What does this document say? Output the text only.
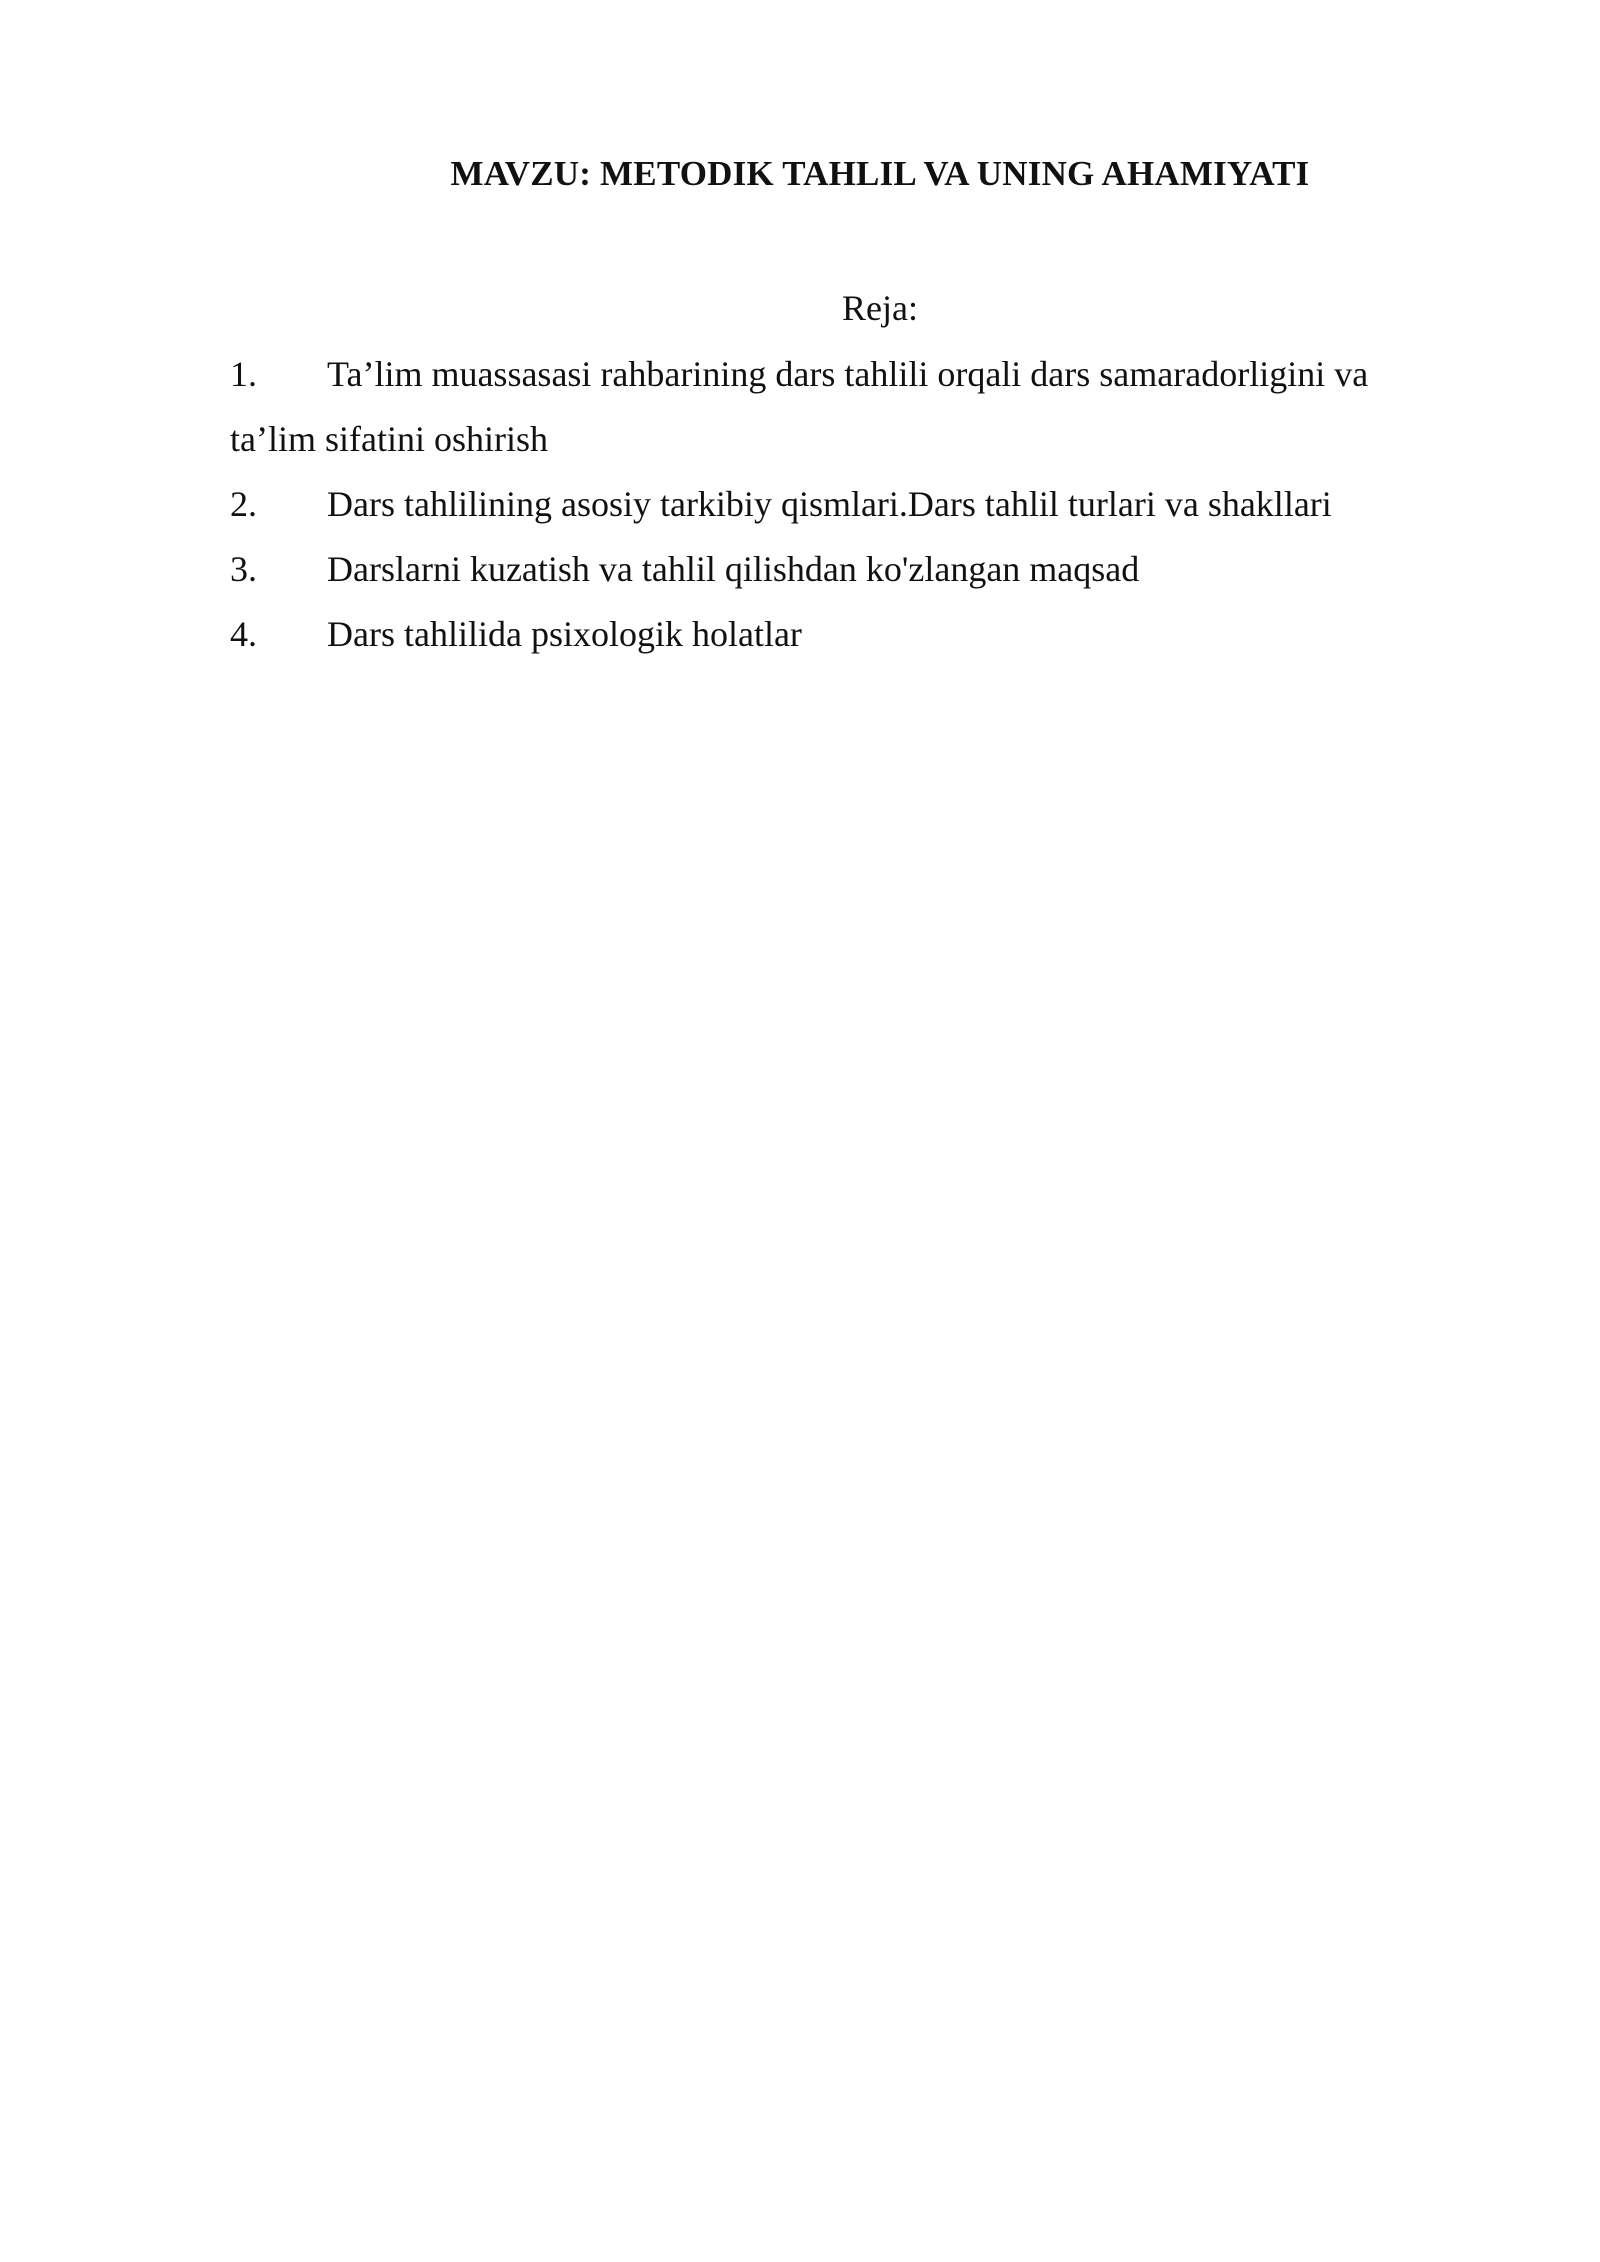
MAVZU: METODIK TAHLIL VA UNING AHAMIYATI
Reja:
1. Ta’lim muassasasi rahbarining dars tahlili orqali dars samaradorligini va ta’lim sifatini oshirish
2. Dars tahlilining asosiy tarkibiy qismlari.Dars tahlil turlari va shakllari
3. Darslarni kuzatish va tahlil qilishdan ko'zlangan maqsad
4. Dars tahlilida psixologik holatlar
